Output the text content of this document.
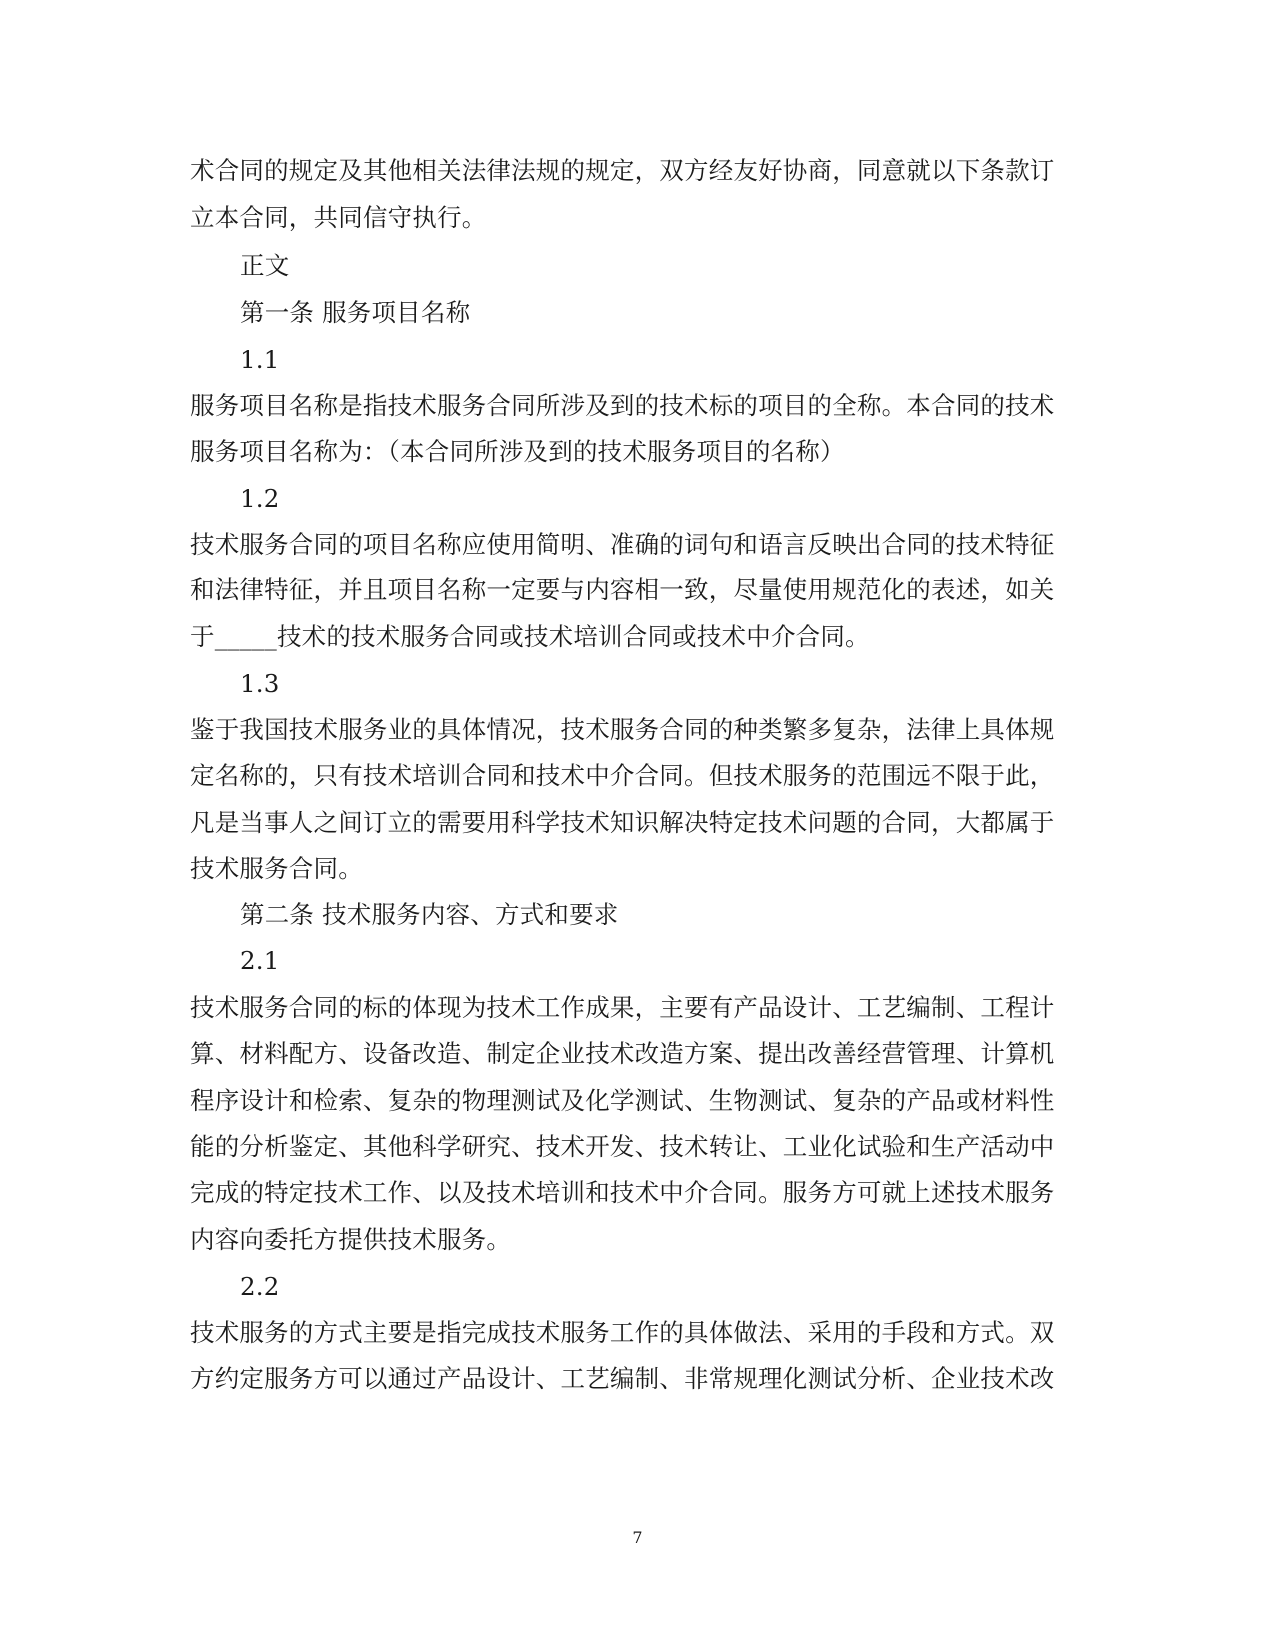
术合同的规定及其他相关法律法规的规定，双方经友好协商，同意就以下条款订
立本合同，共同信守执行。
正文
第一条 服务项目名称
1.1
服务项目名称是指技术服务合同所涉及到的技术标的项目的全称。本合同的技术
服务项目名称为：（本合同所涉及到的技术服务项目的名称）
1.2
技术服务合同的项目名称应使用简明、准确的词句和语言反映出合同的技术特征
和法律特征，并且项目名称一定要与内容相一致，尽量使用规范化的表述，如关
于_____技术的技术服务合同或技术培训合同或技术中介合同。
1.3
鉴于我国技术服务业的具体情况，技术服务合同的种类繁多复杂，法律上具体规
定名称的，只有技术培训合同和技术中介合同。但技术服务的范围远不限于此，
凡是当事人之间订立的需要用科学技术知识解决特定技术问题的合同，大都属于
技术服务合同。
第二条 技术服务内容、方式和要求
2.1
技术服务合同的标的体现为技术工作成果，主要有产品设计、工艺编制、工程计
算、材料配方、设备改造、制定企业技术改造方案、提出改善经营管理、计算机
程序设计和检索、复杂的物理测试及化学测试、生物测试、复杂的产品或材料性
能的分析鉴定、其他科学研究、技术开发、技术转让、工业化试验和生产活动中
完成的特定技术工作、以及技术培训和技术中介合同。服务方可就上述技术服务
内容向委托方提供技术服务。
2.2
技术服务的方式主要是指完成技术服务工作的具体做法、采用的手段和方式。双
方约定服务方可以通过产品设计、工艺编制、非常规理化测试分析、企业技术改
7
